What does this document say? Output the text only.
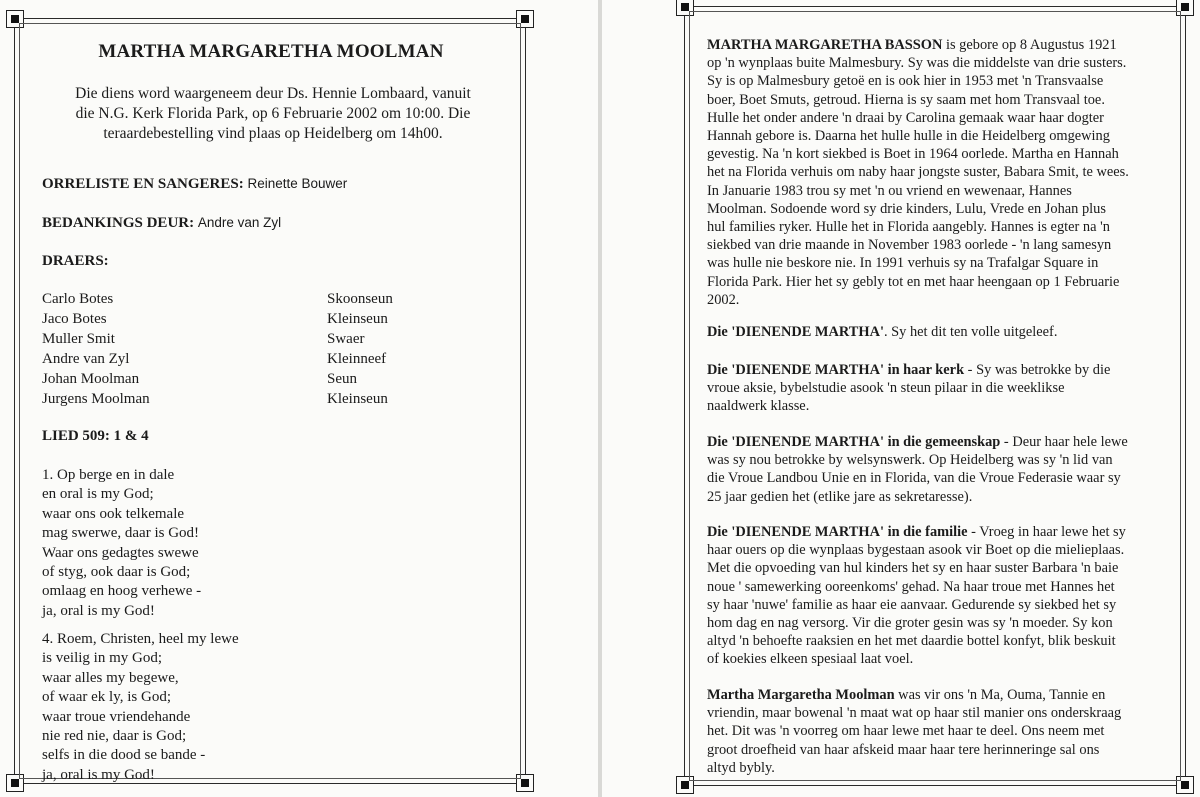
MARTHA MARGARETHA MOOLMAN
Die diens word waargeneem deur Ds. Hennie Lombaard, vanuit
die N.G. Kerk Florida Park, op 6 Februarie 2002 om 10:00. Die
teraardebestelling vind plaas op Heidelberg om 14h00.
ORRELISTE EN SANGERES: Reinette Bouwer
BEDANKINGS DEUR: Andre van Zyl
DRAERS:
Carlo Botes	Skoonseun
Jaco Botes	Kleinseun
Muller Smit	Swaer
Andre van Zyl	Kleinneef
Johan Moolman	Seun
Jurgens Moolman	Kleinseun
LIED 509: 1 & 4
1. Op berge en in dale
en oral is my God;
waar ons ook telkemale
mag swerwe, daar is God!
Waar ons gedagtes swewe
of styg, ook daar is God;
omlaag en hoog verhewe -
ja, oral is my God!
4. Roem, Christen, heel my lewe
is veilig in my God;
waar alles my begewe,
of waar ek ly, is God;
waar troue vriendehande
nie red nie, daar is God;
selfs in die dood se bande -
ja, oral is my God!
MARTHA MARGARETHA BASSON is gebore op 8 Augustus 1921
op 'n wynplaas buite Malmesbury. Sy was die middelste van drie susters.
Sy is op Malmesbury getoë en is ook hier in 1953 met 'n Transvaalse
boer, Boet Smuts, getroud. Hierna is sy saam met hom Transvaal toe.
Hulle het onder andere 'n draai by Carolina gemaak waar haar dogter
Hannah gebore is. Daarna het hulle hulle in die Heidelberg omgewing
gevestig. Na 'n kort siekbed is Boet in 1964 oorlede. Martha en Hannah
het na Florida verhuis om naby haar jongste suster, Babara Smit, te wees.
In Januarie 1983 trou sy met 'n ou vriend en wewenaar, Hannes
Moolman. Sodoende word sy drie kinders, Lulu, Vrede en Johan plus
hul families ryker. Hulle het in Florida aangebly. Hannes is egter na 'n
siekbed van drie maande in November 1983 oorlede - 'n lang samesyn
was hulle nie beskore nie. In 1991 verhuis sy na Trafalgar Square in
Florida Park. Hier het sy gebly tot en met haar heengaan op 1 Februarie
2002.
Die 'DIENENDE MARTHA'. Sy het dit ten volle uitgeleef.
Die 'DIENENDE MARTHA' in haar kerk - Sy was betrokke by die
vroue aksie, bybelstudie asook 'n steun pilaar in die weeklikse
naaldwerk klasse.
Die 'DIENENDE MARTHA' in die gemeenskap - Deur haar hele lewe
was sy nou betrokke by welsynswerk. Op Heidelberg was sy 'n lid van
die Vroue Landbou Unie en in Florida, van die Vroue Federasie waar sy
25 jaar gedien het (etlike jare as sekretaresse).
Die 'DIENENDE MARTHA' in die familie - Vroeg in haar lewe het sy
haar ouers op die wynplaas bygestaan asook vir Boet op die mielieplaas.
Met die opvoeding van hul kinders het sy en haar suster Barbara 'n baie
noue ' samewerking ooreenkoms' gehad. Na haar troue met Hannes het
sy haar 'nuwe' familie as haar eie aanvaar. Gedurende sy siekbed het sy
hom dag en nag versorg. Vir die groter gesin was sy 'n moeder. Sy kon
altyd 'n behoefte raaksien en het met daardie bottel konfyt, blik beskuit
of koekies elkeen spesiaal laat voel.
Martha Margaretha Moolman was vir ons 'n Ma, Ouma, Tannie en
vriendin, maar bowenal 'n maat wat op haar stil manier ons onderskraag
het. Dit was 'n voorreg om haar lewe met haar te deel. Ons neem met
groot droefheid van haar afskeid maar haar tere herinneringe sal ons
altyd bybly.
